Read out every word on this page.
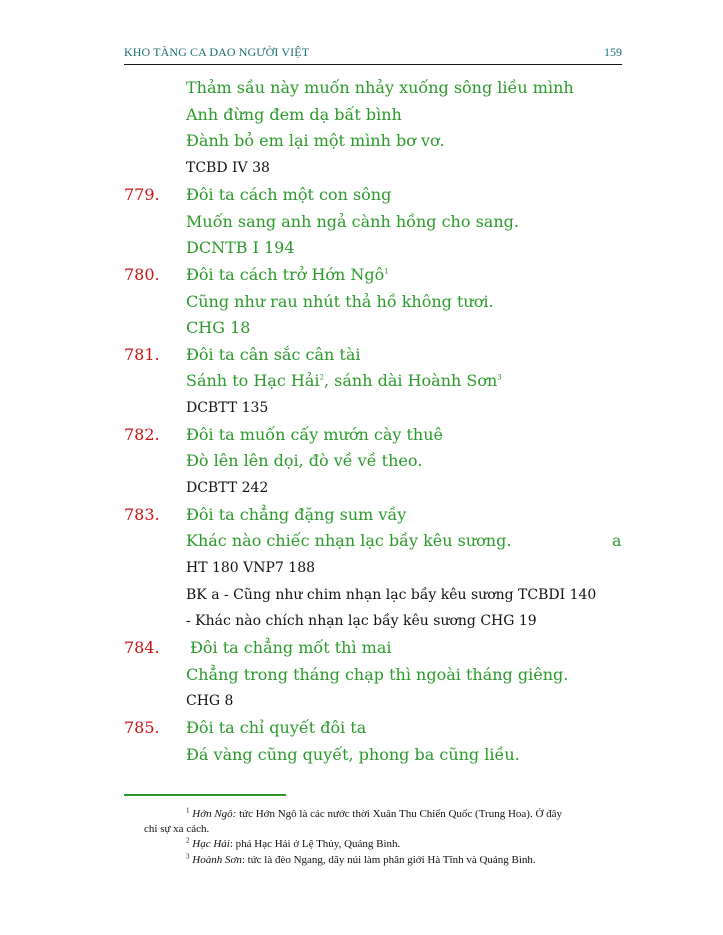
KHO TÀNG CA DAO NGƯỜI VIỆT	159
Thảm sầu này muốn nhảy xuống sông liều mình
Anh đừng đem dạ bất bình
Đành bỏ em lại một mình bơ vơ.
TCBD IV 38
779. Đôi ta cách một con sông
Muốn sang anh ngả cành hồng cho sang.
DCNTB I 194
780. Đôi ta cách trở Hớn Ngô$^1$
Cũng như rau nhút thả hồ không tươi.
CHG 18
781. Đôi ta cân sắc cân tài
Sánh to Hạc Hải$^2$, sánh dài Hoành Sơn$^3$
DCBTT 135
782. Đôi ta muốn cấy mướn cày thuê
Đò lên lên dọi, đò về về theo.
DCBTT 242
783. Đôi ta chẳng đặng sum vầy
Khác nào chiếc nhạn lạc bầy kêu sương.	a
HT 180 VNP7 188
BK a - Cũng như chim nhạn lạc bầy kêu sương TCBDI 140
- Khác nào chích nhạn lạc bầy kêu sương CHG 19
784. Đôi ta chẳng mốt thì mai
Chẳng trong tháng chạp thì ngoài tháng giêng.
CHG 8
785. Đôi ta chỉ quyết đôi ta
Đá vàng cũng quyết, phong ba cũng liều.
$^1$ Hớn Ngô: tức Hớn Ngô là các nước thời Xuân Thu Chiến Quốc (Trung Hoa). Ở đây
chỉ sự xa cách.
$^2$ Hạc Hải: phá Hạc Hải ở Lệ Thủy, Quảng Bình.
$^3$ Hoành Sơn: tức là đèo Ngang, dãy núi làm phân giới Hà Tĩnh và Quảng Bình.
